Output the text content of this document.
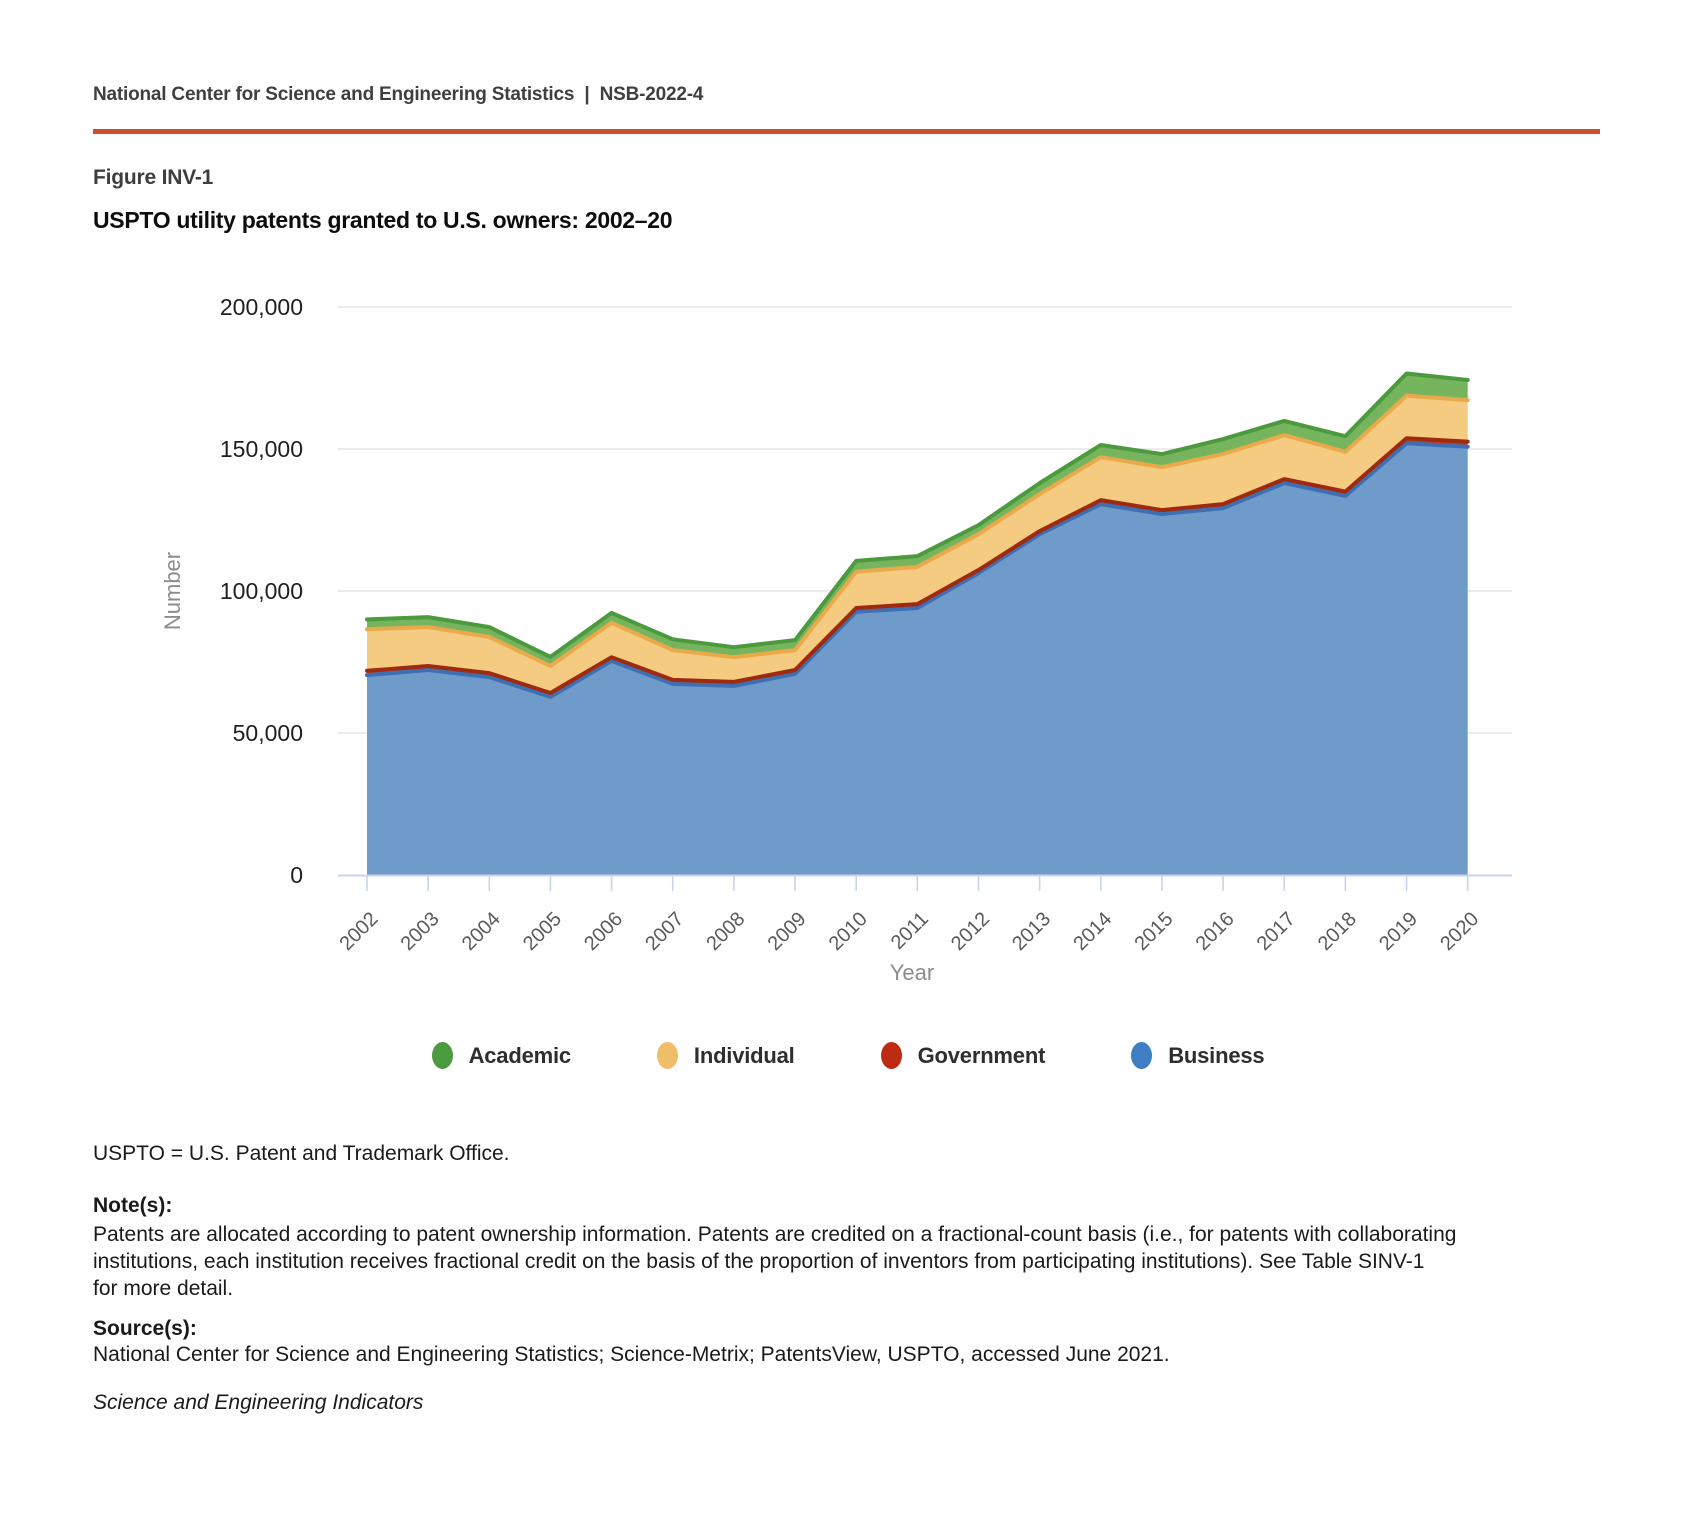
National Center for Science and Engineering Statistics  |  NSB-2022-4
Figure INV-1
USPTO utility patents granted to U.S. owners: 2002–20
0
50,000
100,000
150,000
200,000
2002 2003 2004 2005 2006 2007 2008 2009 2010 2011 2012 2013 2014 2015 2016 2017 2018 2019 2020
Number
Year
Academic	Individual	Government	Business
USPTO = U.S. Patent and Trademark Office.
Note(s):
Patents are allocated according to patent ownership information. Patents are credited on a fractional-count basis (i.e., for patents with collaborating
institutions, each institution receives fractional credit on the basis of the proportion of inventors from participating institutions). See Table SINV-1
for more detail.
Source(s):
National Center for Science and Engineering Statistics; Science-Metrix; PatentsView, USPTO, accessed June 2021.
Science and Engineering Indicators
